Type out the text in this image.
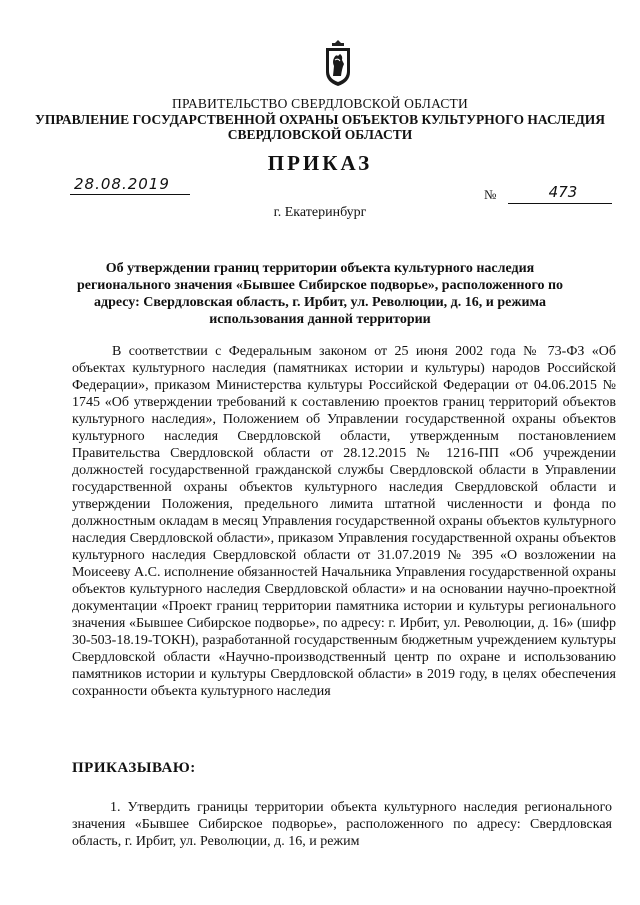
ПРАВИТЕЛЬСТВО СВЕРДЛОВСКОЙ ОБЛАСТИ
УПРАВЛЕНИЕ ГОСУДАРСТВЕННОЙ ОХРАНЫ ОБЪЕКТОВ КУЛЬТУРНОГО НАСЛЕДИЯ СВЕРДЛОВСКОЙ ОБЛАСТИ
ПРИКАЗ
28.08.2019
№	473
г. Екатеринбург
Об утверждении границ территории объекта культурного наследия регионального значения «Бывшее Сибирское подворье», расположенного по адресу: Свердловская область, г. Ирбит, ул. Революции, д. 16, и режима использования данной территории

В соответствии с Федеральным законом от 25 июня 2002 года № 73-ФЗ «Об объектах культурного наследия (памятниках истории и культуры) народов Российской Федерации», приказом Министерства культуры Российской Федерации от 04.06.2015 № 1745 «Об утверждении требований к составлению проектов границ территорий объектов культурного наследия», Положением об Управлении государственной охраны объектов культурного наследия Свердловской области, утвержденным постановлением Правительства Свердловской области от 28.12.2015 № 1216-ПП «Об учреждении должностей государственной гражданской службы Свердловской области в Управлении государственной охраны объектов культурного наследия Свердловской области и утверждении Положения, предельного лимита штатной численности и фонда по должностным окладам в месяц Управления государственной охраны объектов культурного наследия Свердловской области», приказом Управления государственной охраны объектов культурного наследия Свердловской области от 31.07.2019 № 395 «О возложении на Моисееву А.С. исполнение обязанностей Начальника Управления государственной охраны объектов культурного наследия Свердловской области» и на основании научно-проектной документации «Проект границ территории памятника истории и культуры регионального значения «Бывшее Сибирское подворье», по адресу: г. Ирбит, ул. Революции, д. 16» (шифр 30-503-18.19-ТОКН), разработанной государственным бюджетным учреждением культуры Свердловской области «Научно-производственный центр по охране и использованию памятников истории и культуры Свердловской области» в 2019 году, в целях обеспечения сохранности объекта культурного наследия

ПРИКАЗЫВАЮ:

1. Утвердить границы территории объекта культурного наследия регионального значения «Бывшее Сибирское подворье», расположенного по адресу: Свердловская область, г. Ирбит, ул. Революции, д. 16, и режим
